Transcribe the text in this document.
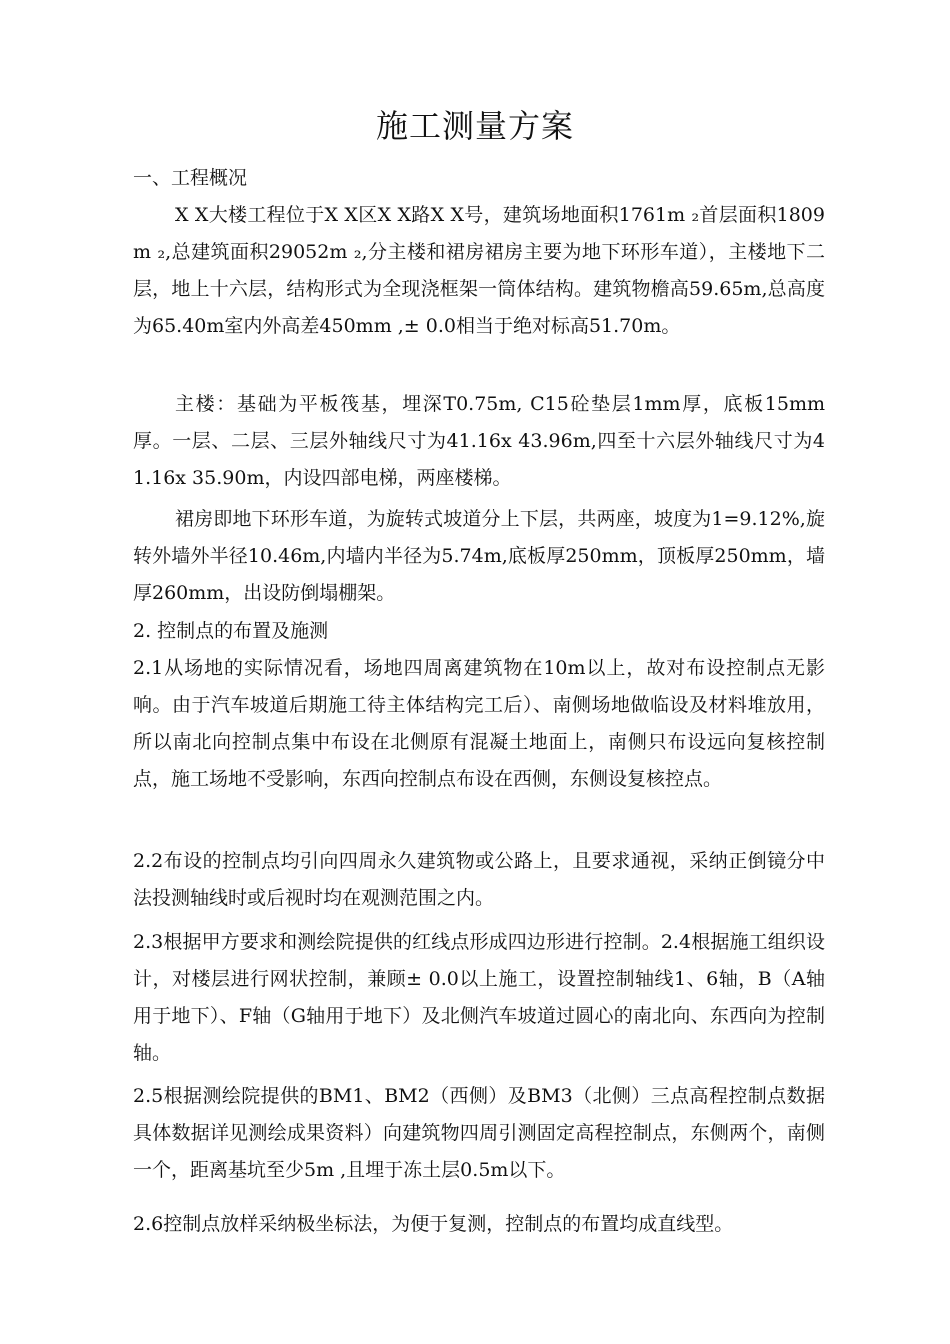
施工测量方案
一、工程概况
X X大楼工程位于X X区X X路X X号，建筑场地面积1761m ₂首层面积1809m ₂,总建筑面积29052m ₂,分主楼和裙房裙房主要为地下环形车道），主楼地下二层，地上十六层，结构形式为全现浇框架一筒体结构。建筑物檐高59.65m,总高度为65.40m室内外高差450mm ,± 0.0相当于绝对标高51.70m。
主楼：基础为平板筏基，埋深T0.75m, C15砼垫层1mm厚，底板15mm厚。一层、二层、三层外轴线尺寸为41.16x 43.96m,四至十六层外轴线尺寸为41.16x 35.90m，内设四部电梯，两座楼梯。
裙房即地下环形车道，为旋转式坡道分上下层，共两座，坡度为1=9.12%,旋转外墙外半径10.46m,内墙内半径为5.74m,底板厚250mm，顶板厚250mm，墙厚260mm，出设防倒塌棚架。
2. 控制点的布置及施测
2.1从场地的实际情况看，场地四周离建筑物在10m以上，故对布设控制点无影响。由于汽车坡道后期施工待主体结构完工后）、南侧场地做临设及材料堆放用，所以南北向控制点集中布设在北侧原有混凝土地面上，南侧只布设远向复核控制点，施工场地不受影响，东西向控制点布设在西侧，东侧设复核控点。
2.2布设的控制点均引向四周永久建筑物或公路上，且要求通视，采纳正倒镜分中法投测轴线时或后视时均在观测范围之内。
2.3根据甲方要求和测绘院提供的红线点形成四边形进行控制。2.4根据施工组织设计，对楼层进行网状控制，兼顾± 0.0以上施工，设置控制轴线1、6轴，B（A轴用于地下）、F轴（G轴用于地下）及北侧汽车坡道过圆心的南北向、东西向为控制轴。
2.5根据测绘院提供的BM1、BM2（西侧）及BM3（北侧）三点高程控制点数据具体数据详见测绘成果资料）向建筑物四周引测固定高程控制点，东侧两个，南侧一个，距离基坑至少5m ,且埋于冻土层0.5m以下。
2.6控制点放样采纳极坐标法，为便于复测，控制点的布置均成直线型。
